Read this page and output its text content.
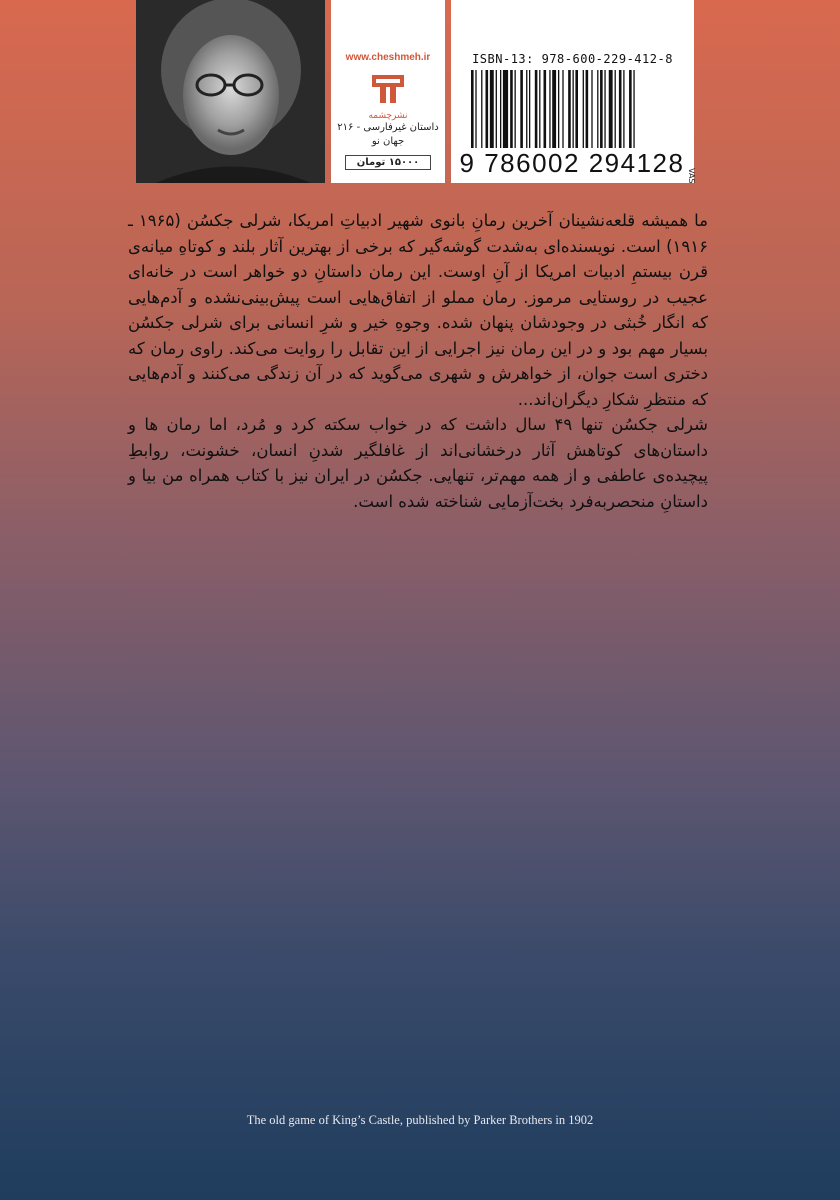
www.cheshmeh.ir
نشرچشمه
داستان غیرفارسی - ۲۱۶
جهان نو
۱۵۰۰۰ تومان
ISBN-13: 978-600-229-412-8
9 786002 294128 VAS

ما همیشه قلعه‌نشینان آخرین رمانِ بانوی شهیر ادبیاتِ امریکا، شرلی جکسُن (۱۹۶۵ ـ ۱۹۱۶) است. نویسنده‌ای به‌شدت گوشه‌گیر که برخی از بهترین آثار بلند و کوتاهِ میانه‌ی قرن بیستمِ ادبیات امریکا از آنِ اوست. این رمان داستانِ دو خواهر است در خانه‌ای عجیب در روستایی مرموز. رمان مملو از اتفاق‌هایی است پیش‌بینی‌نشده و آدم‌هایی که انگار خُبثی در وجودشان پنهان شده. وجوهِ خیر و شرِ انسانی برای شرلی جکسُن بسیار مهم بود و در این رمان نیز اجرایی از این تقابل را روایت می‌کند. راوی رمان که دختری است جوان، از خواهرش و شهری می‌گوید که در آن زندگی می‌کنند و آدم‌هایی که منتظرِ شکارِ دیگران‌اند...

شرلی جکسُن تنها ۴۹ سال داشت که در خواب سکته کرد و مُرد، اما رمان ها و داستان‌های کوتاهش آثار درخشانی‌اند از غافلگیر شدنِ انسان، خشونت، روابطِ پیچیده‌ی عاطفی و از همه مهم‌تر، تنهایی. جکسُن در ایران نیز با کتاب همراه من بیا و داستانِ منحصربه‌فرد بخت‌آزمایی شناخته شده است.

The old game of King’s Castle, published by Parker Brothers in 1902
